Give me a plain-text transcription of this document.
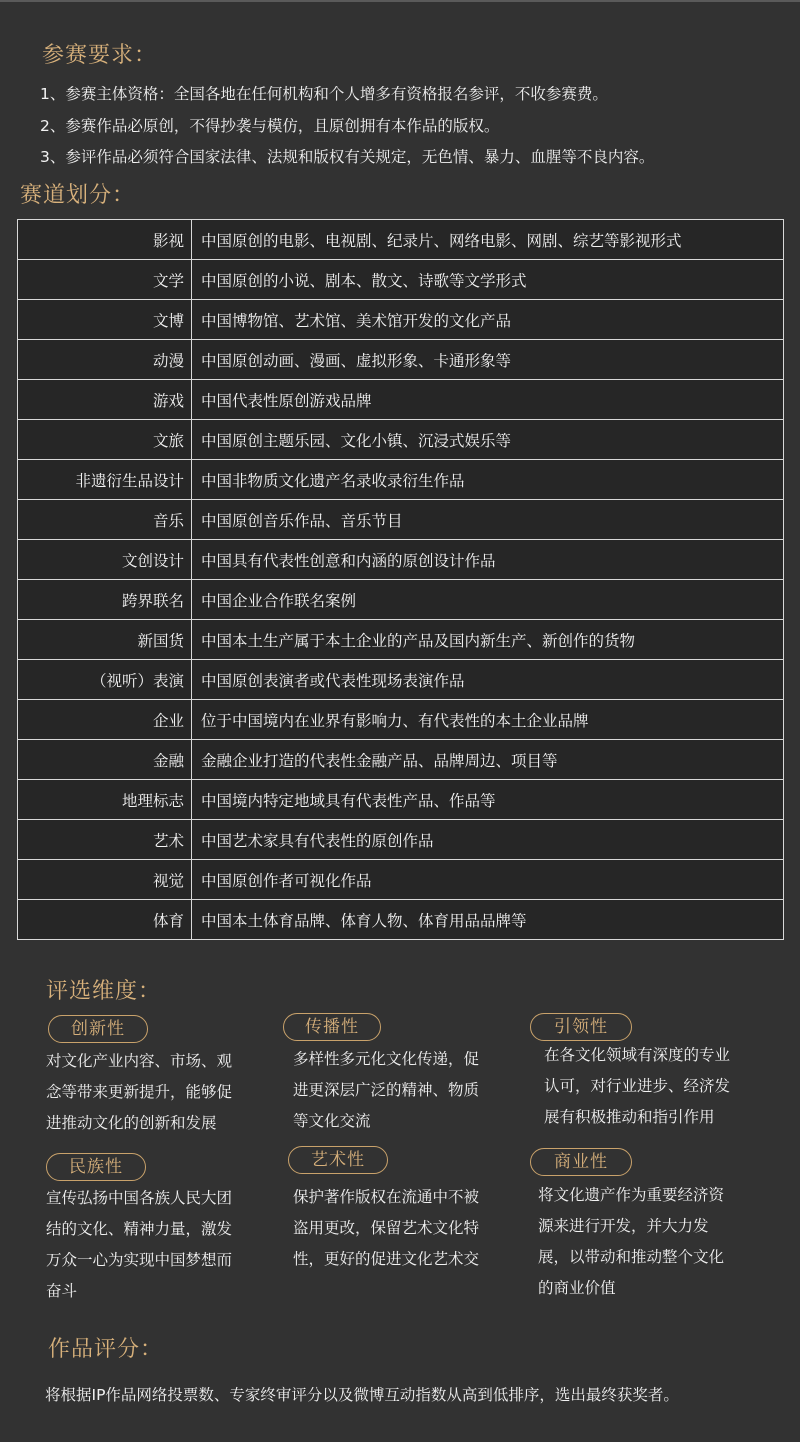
参赛要求：
1、参赛主体资格：全国各地在任何机构和个人增多有资格报名参评，不收参赛费。
2、参赛作品必原创，不得抄袭与模仿，且原创拥有本作品的版权。
3、参评作品必须符合国家法律、法规和版权有关规定，无色情、暴力、血腥等不良内容。
赛道划分：
影视	中国原创的电影、电视剧、纪录片、网络电影、网剧、综艺等影视形式
文学	中国原创的小说、剧本、散文、诗歌等文学形式
文博	中国博物馆、艺术馆、美术馆开发的文化产品
动漫	中国原创动画、漫画、虚拟形象、卡通形象等
游戏	中国代表性原创游戏品牌
文旅	中国原创主题乐园、文化小镇、沉浸式娱乐等
非遗衍生品设计	中国非物质文化遗产名录收录衍生作品
音乐	中国原创音乐作品、音乐节目
文创设计	中国具有代表性创意和内涵的原创设计作品
跨界联名	中国企业合作联名案例
新国货	中国本土生产属于本土企业的产品及国内新生产、新创作的货物
（视听）表演	中国原创表演者或代表性现场表演作品
企业	位于中国境内在业界有影响力、有代表性的本土企业品牌
金融	金融企业打造的代表性金融产品、品牌周边、项目等
地理标志	中国境内特定地域具有代表性产品、作品等
艺术	中国艺术家具有代表性的原创作品
视觉	中国原创作者可视化作品
体育	中国本土体育品牌、体育人物、体育用品品牌等
评选维度：
创新性
对文化产业内容、市场、观
念等带来更新提升，能够促
进推动文化的创新和发展
传播性
多样性多元化文化传递，促
进更深层广泛的精神、物质
等文化交流
引领性
在各文化领域有深度的专业
认可，对行业进步、经济发
展有积极推动和指引作用
民族性
宣传弘扬中国各族人民大团
结的文化、精神力量，激发
万众一心为实现中国梦想而
奋斗
艺术性
保护著作版权在流通中不被
盗用更改，保留艺术文化特
性，更好的促进文化艺术交
商业性
将文化遗产作为重要经济资
源来进行开发，并大力发
展，以带动和推动整个文化
的商业价值
作品评分：
将根据IP作品网络投票数、专家终审评分以及微博互动指数从高到低排序，选出最终获奖者。
